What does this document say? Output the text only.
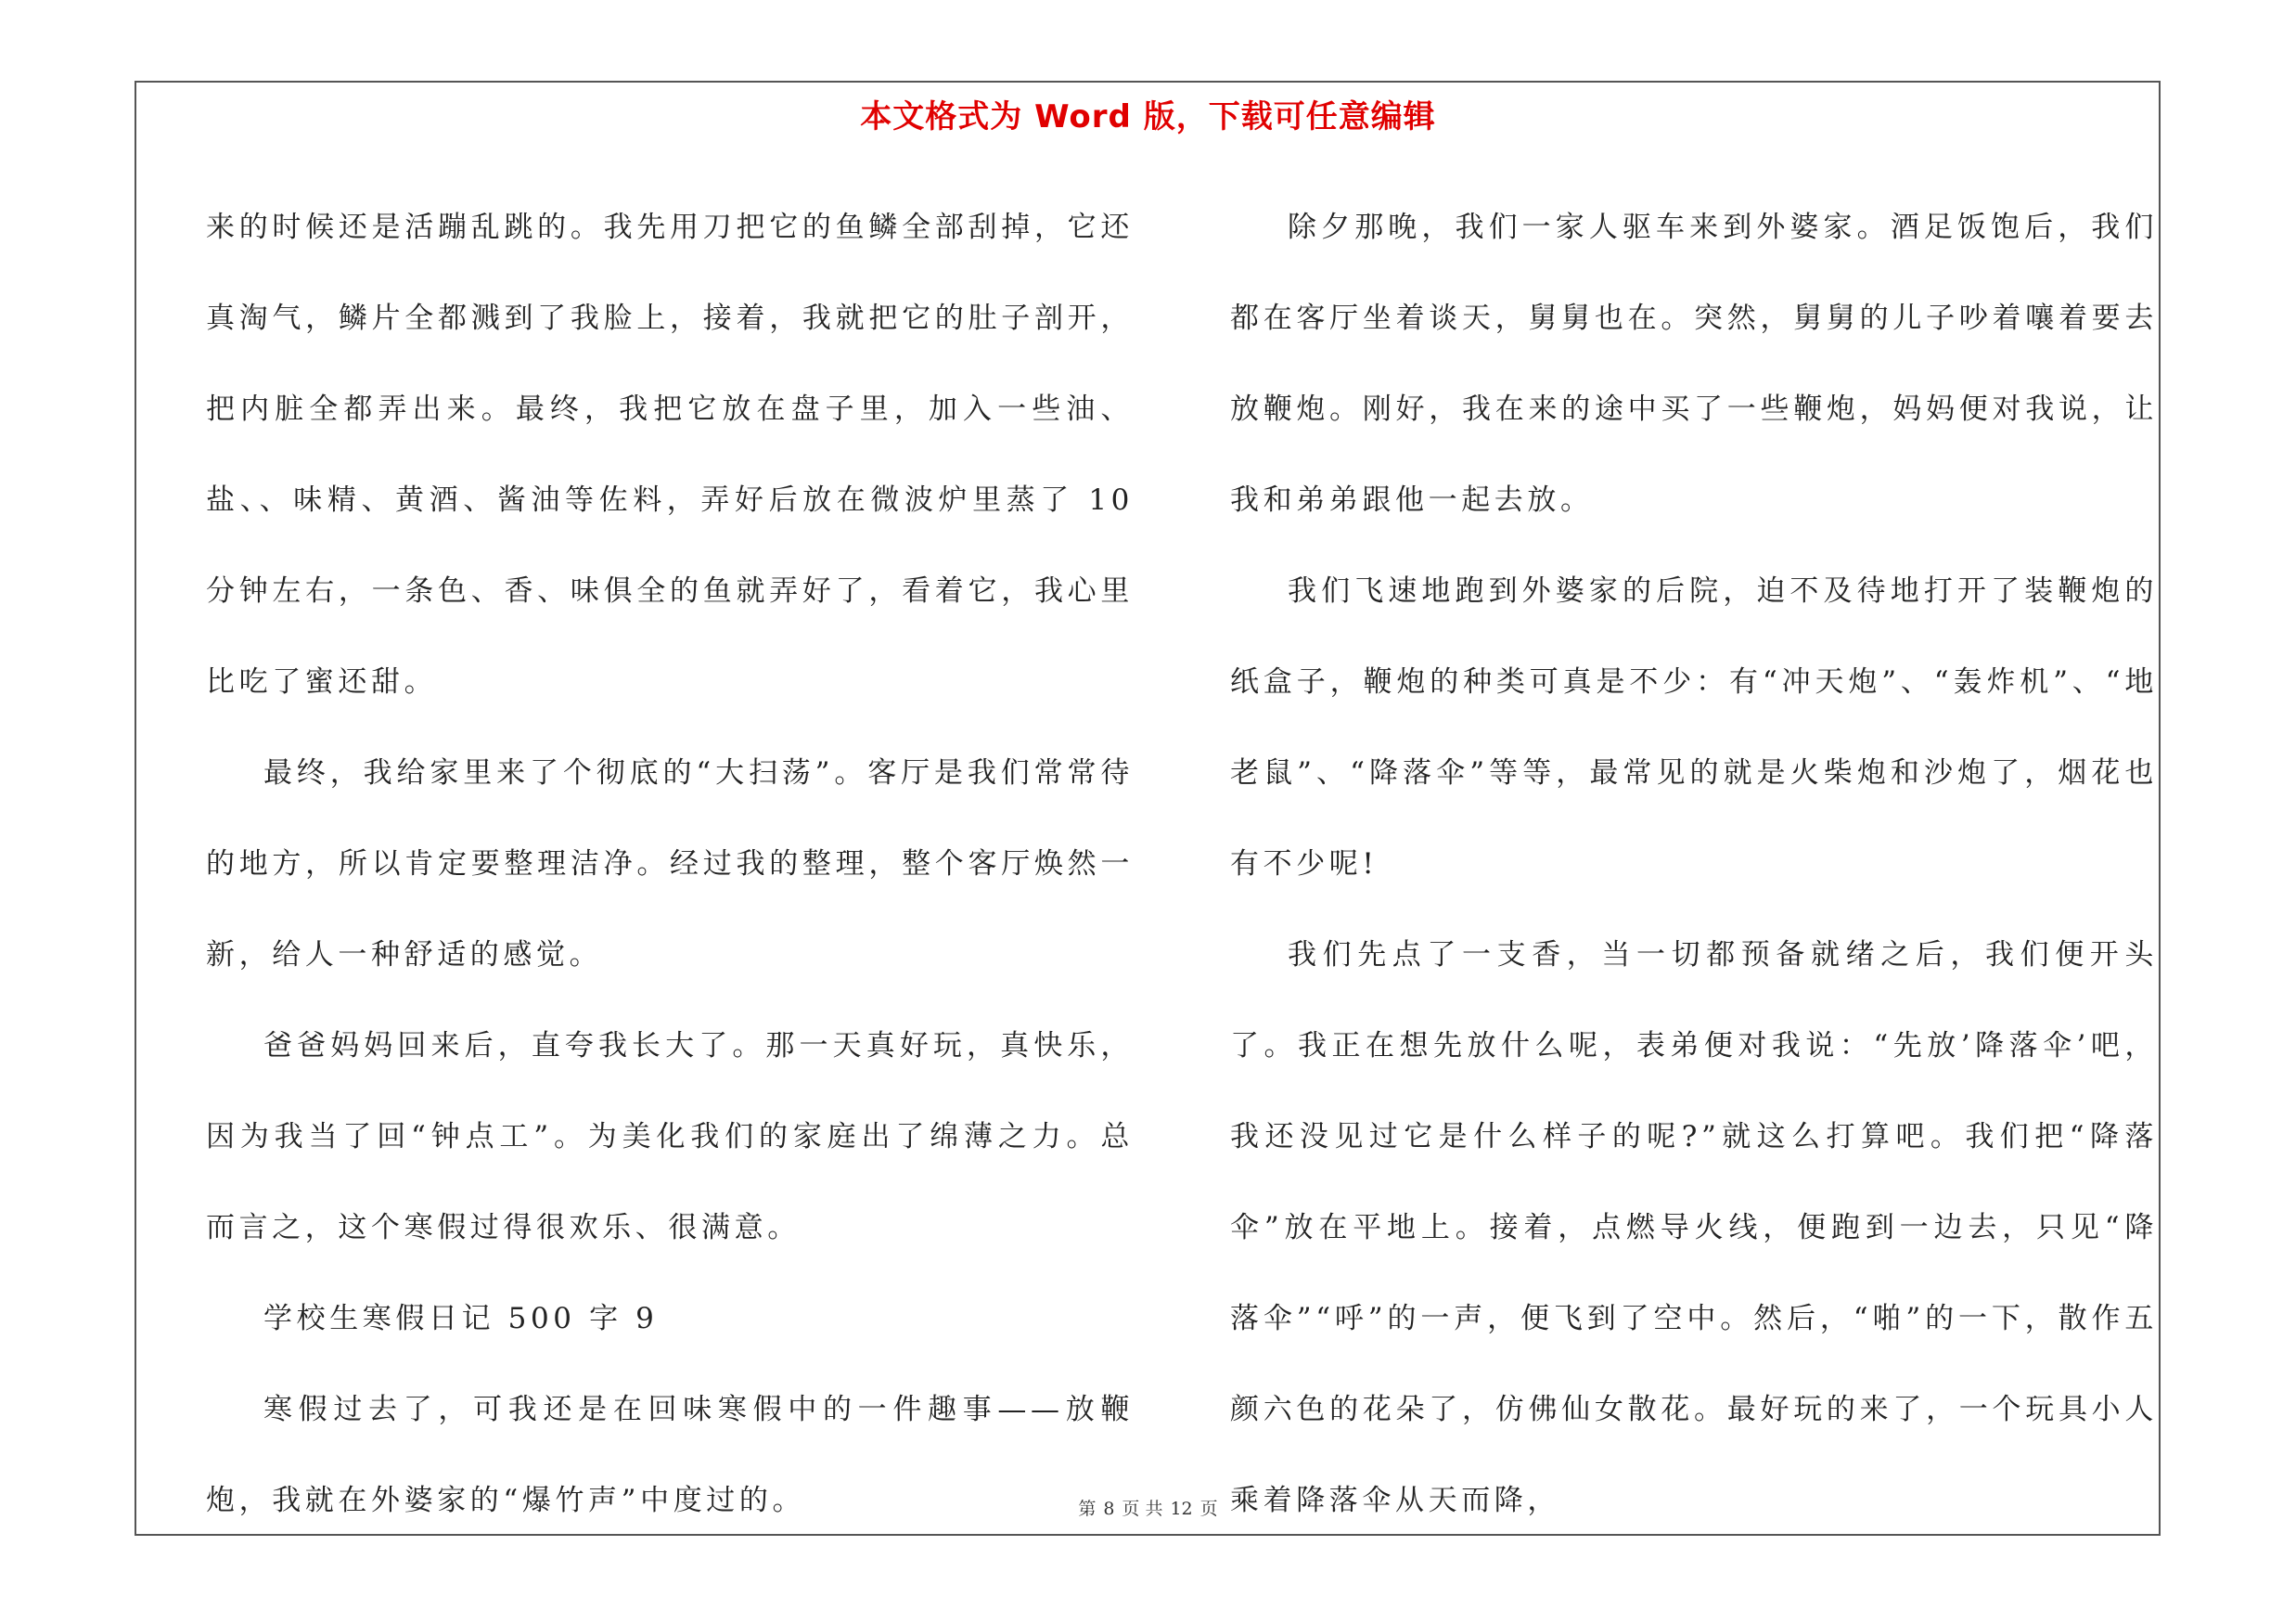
本文格式为 Word 版，下载可任意编辑

来的时候还是活蹦乱跳的。我先用刀把它的鱼鳞全部刮掉，它还真淘气，鳞片全都溅到了我脸上，接着，我就把它的肚子剖开，把内脏全都弄出来。最终，我把它放在盘子里，加入一些油、盐、、味精、黄酒、酱油等佐料，弄好后放在微波炉里蒸了 10 分钟左右，一条色、香、味俱全的鱼就弄好了，看着它，我心里比吃了蜜还甜。

最终，我给家里来了个彻底的“大扫荡”。客厅是我们常常待的地方，所以肯定要整理洁净。经过我的整理，整个客厅焕然一新，给人一种舒适的感觉。

爸爸妈妈回来后，直夸我长大了。那一天真好玩，真快乐，因为我当了回“钟点工”。为美化我们的家庭出了绵薄之力。总而言之，这个寒假过得很欢乐、很满意。

学校生寒假日记 500 字 9

寒假过去了，可我还是在回味寒假中的一件趣事——放鞭炮，我就在外婆家的“爆竹声”中度过的。

除夕那晚，我们一家人驱车来到外婆家。酒足饭饱后，我们都在客厅坐着谈天，舅舅也在。突然，舅舅的儿子吵着嚷着要去放鞭炮。刚好，我在来的途中买了一些鞭炮，妈妈便对我说，让我和弟弟跟他一起去放。

我们飞速地跑到外婆家的后院，迫不及待地打开了装鞭炮的纸盒子，鞭炮的种类可真是不少：有“冲天炮”、“轰炸机”、“地老鼠”、“降落伞”等等，最常见的就是火柴炮和沙炮了，烟花也有不少呢!

我们先点了一支香，当一切都预备就绪之后，我们便开头了。我正在想先放什么呢，表弟便对我说：“先放’降落伞’吧，我还没见过它是什么样子的呢?”就这么打算吧。我们把“降落伞”放在平地上。接着，点燃导火线，便跑到一边去，只见“降落伞”“呼”的一声，便飞到了空中。然后，“啪”的一下，散作五颜六色的花朵了，仿佛仙女散花。最好玩的来了，一个玩具小人乘着降落伞从天而降，

第 8 页 共 12 页
